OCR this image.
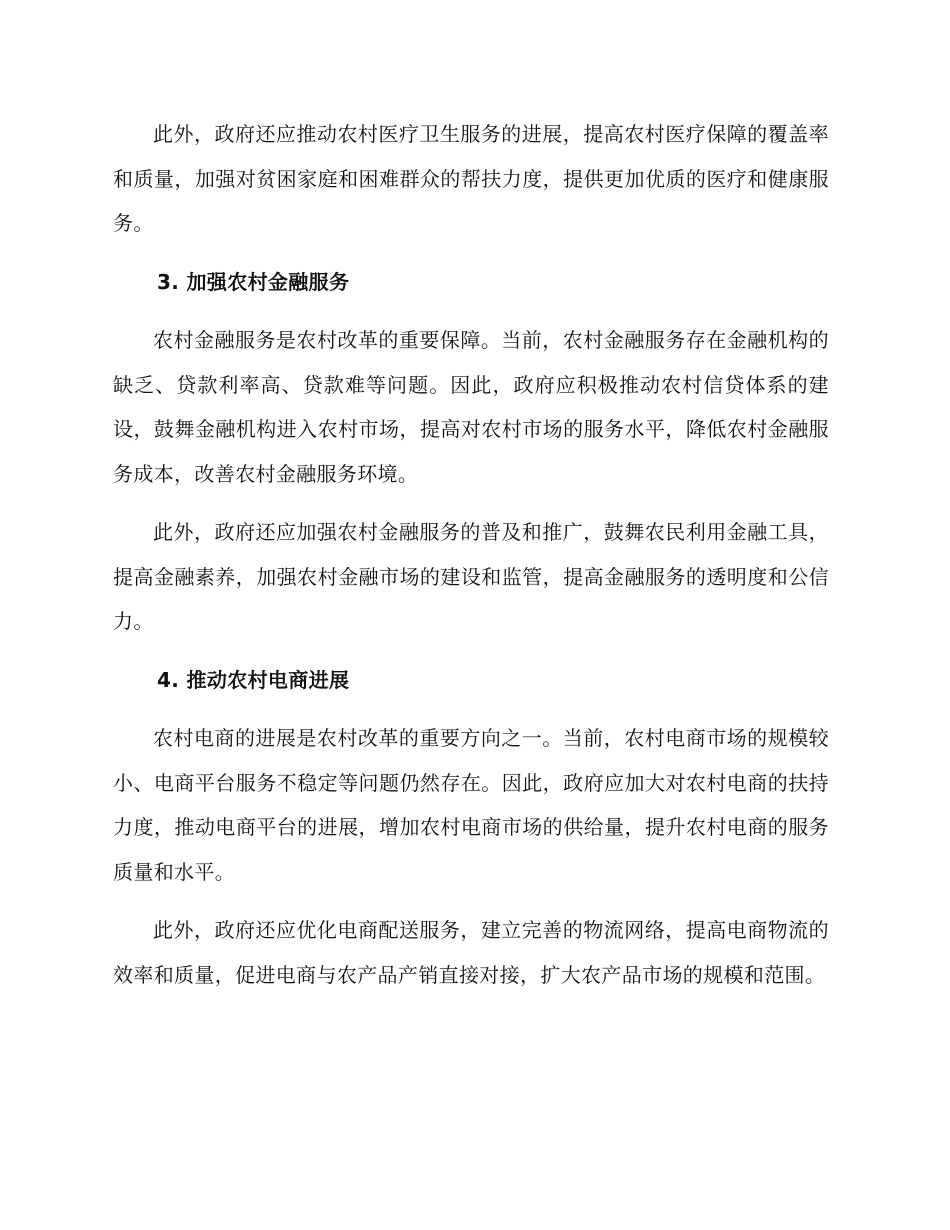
此外，政府还应推动农村医疗卫生服务的进展，提高农村医疗保障的覆盖率和质量，加强对贫困家庭和困难群众的帮扶力度，提供更加优质的医疗和健康服务。

3. 加强农村金融服务

农村金融服务是农村改革的重要保障。当前，农村金融服务存在金融机构的缺乏、贷款利率高、贷款难等问题。因此，政府应积极推动农村信贷体系的建设，鼓舞金融机构进入农村市场，提高对农村市场的服务水平，降低农村金融服务成本，改善农村金融服务环境。

此外，政府还应加强农村金融服务的普及和推广，鼓舞农民利用金融工具，提高金融素养，加强农村金融市场的建设和监管，提高金融服务的透明度和公信力。

4. 推动农村电商进展

农村电商的进展是农村改革的重要方向之一。当前，农村电商市场的规模较小、电商平台服务不稳定等问题仍然存在。因此，政府应加大对农村电商的扶持力度，推动电商平台的进展，增加农村电商市场的供给量，提升农村电商的服务质量和水平。

此外，政府还应优化电商配送服务，建立完善的物流网络，提高电商物流的效率和质量，促进电商与农产品产销直接对接，扩大农产品市场的规模和范围。
